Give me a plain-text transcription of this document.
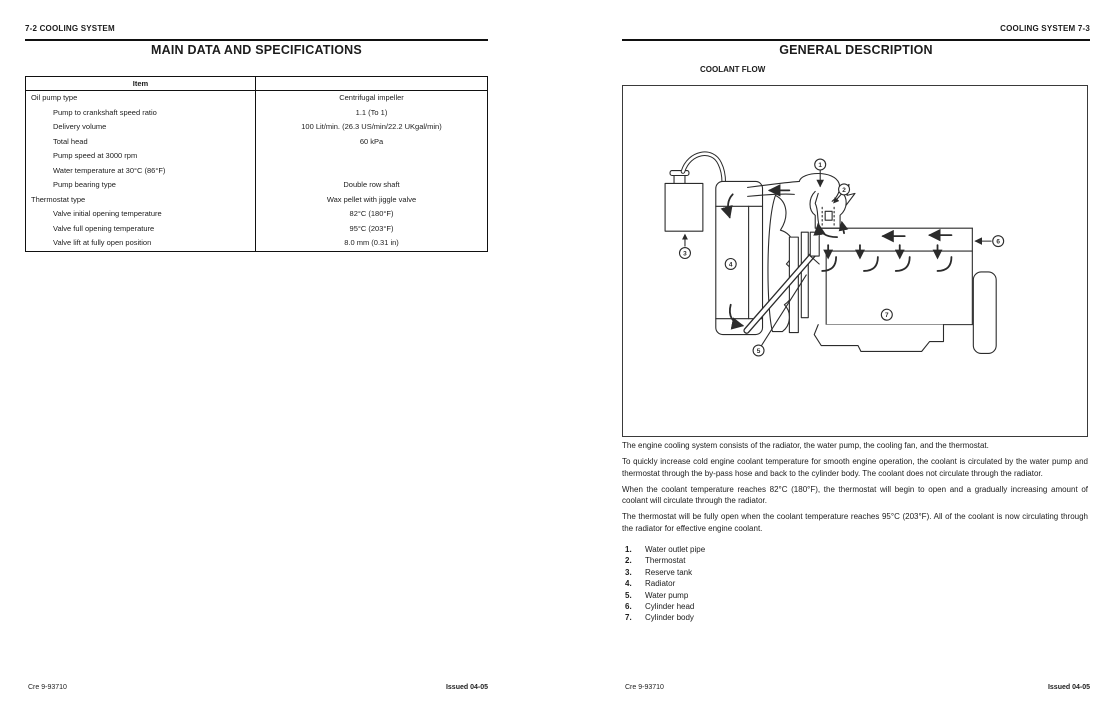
7-2 COOLING SYSTEM
MAIN DATA AND SPECIFICATIONS
Item
Oil pump type	Centrifugal impeller
Pump to crankshaft speed ratio	1.1 (To 1)
Delivery volume	100 Lit/min. (26.3 US/min/22.2 UKgal/min)
Total head	60 kPa
Pump speed at 3000 rpm
Water temperature at 30°C (86°F)
Pump bearing type	Double row shaft
Thermostat type	Wax pellet with jiggle valve
Valve initial opening temperature	82°C (180°F)
Valve full opening temperature	95°C (203°F)
Valve lift at fully open position	8.0 mm (0.31 in)
Cre 9-93710	Issued 04-05
COOLING SYSTEM 7-3
GENERAL DESCRIPTION
COOLANT FLOW
1
2
3
4
5
6
7

The engine cooling system consists of the radiator, the water pump, the cooling fan, and the thermostat.

To quickly increase cold engine coolant temperature for smooth engine operation, the coolant is circulated by the water pump and thermostat through the by-pass hose and back to the cylinder body. The coolant does not circulate through the radiator.

When the coolant temperature reaches 82°C (180°F), the thermostat will begin to open and a gradually increasing amount of coolant will circulate through the radiator.

The thermostat will be fully open when the coolant temperature reaches 95°C (203°F). All of the coolant is now circulating through the radiator for effective engine coolant.

1.	Water outlet pipe
2.	Thermostat
3.	Reserve tank
4.	Radiator
5.	Water pump
6.	Cylinder head
7.	Cylinder body
Cre 9-93710	Issued 04-05
